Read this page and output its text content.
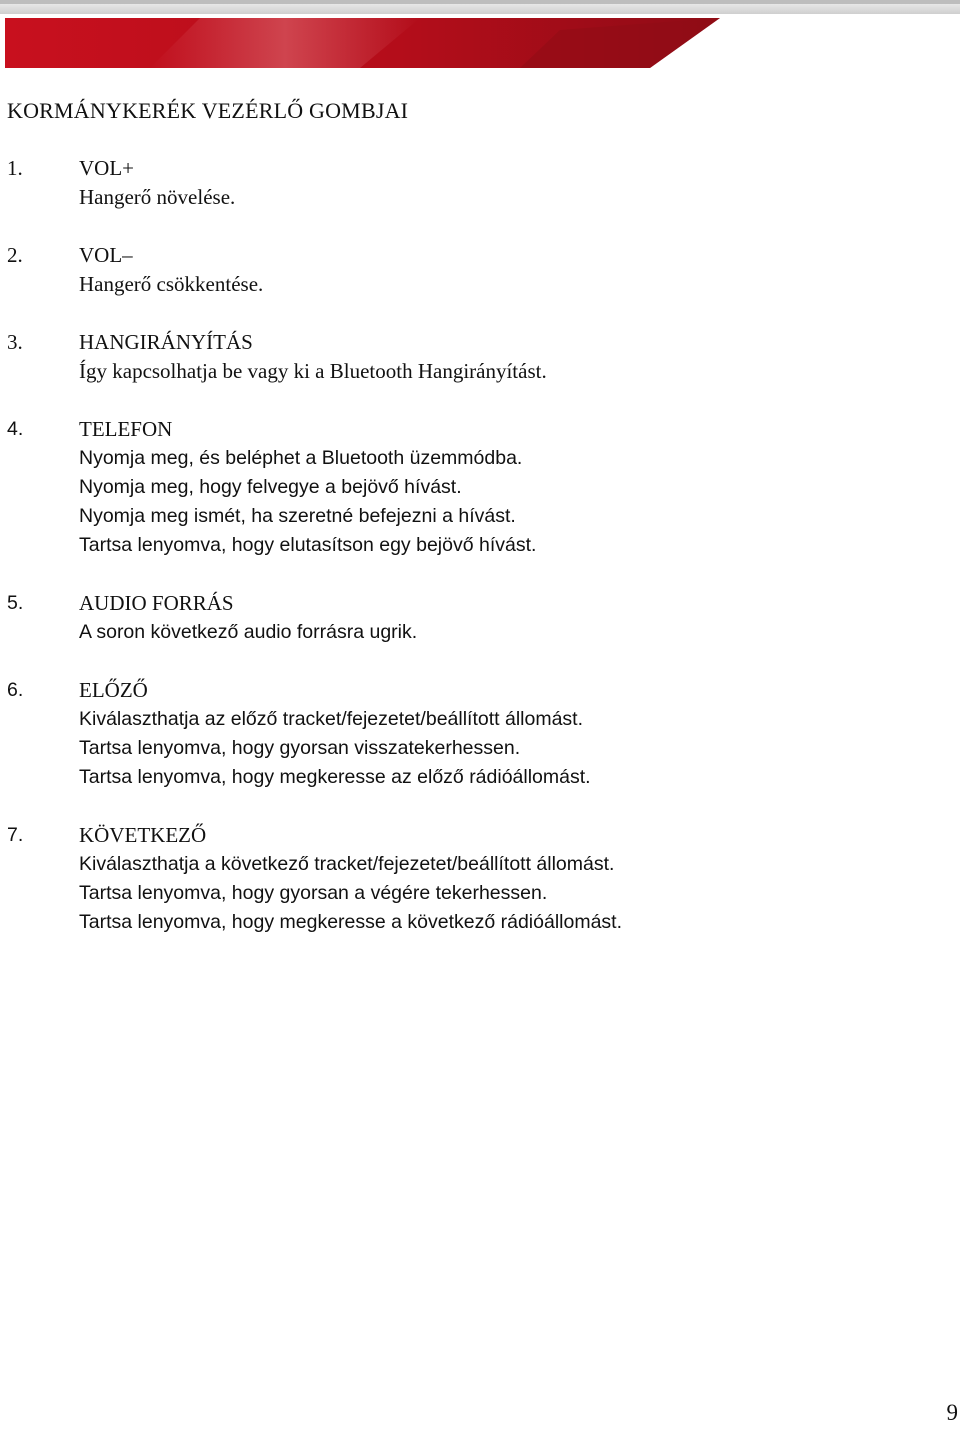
KORMÁNYKERÉK VEZÉRLŐ GOMBJAI
1.	VOL+
Hangerő növelése.
2.	VOL–
Hangerő csökkentése.
3.	HANGIRÁNYÍTÁS
Így kapcsolhatja be vagy ki a Bluetooth Hangirányítást.
4.	TELEFON
Nyomja meg, és beléphet a Bluetooth üzemmódba.
Nyomja meg, hogy felvegye a bejövő hívást.
Nyomja meg ismét, ha szeretné befejezni a hívást.
Tartsa lenyomva, hogy elutasítson egy bejövő hívást.
5.	AUDIO FORRÁS
A soron következő audio forrásra ugrik.
6.	ELŐZŐ
Kiválaszthatja az előző tracket/fejezetet/beállított állomást.
Tartsa lenyomva, hogy gyorsan visszatekerhessen.
Tartsa lenyomva, hogy megkeresse az előző rádióállomást.
7.	KÖVETKEZŐ
Kiválaszthatja a következő tracket/fejezetet/beállított állomást.
Tartsa lenyomva, hogy gyorsan a végére tekerhessen.
Tartsa lenyomva, hogy megkeresse a következő rádióállomást.
9
